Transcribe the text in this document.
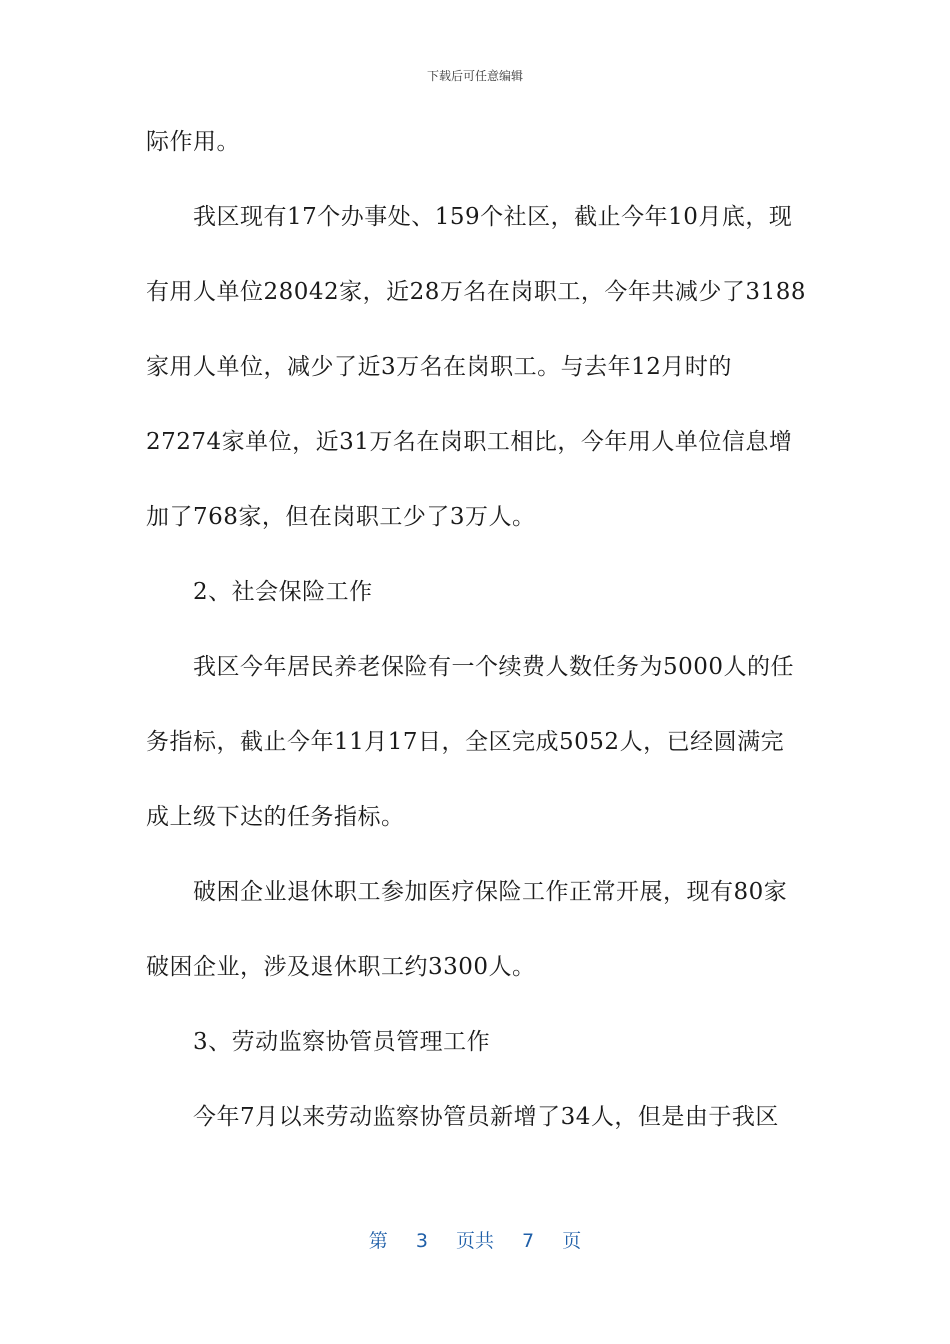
下载后可任意编辑
际作用。
我区现有17个办事处、159个社区，截止今年10月底，现
有用人单位28042家，近28万名在岗职工，今年共减少了3188
家用人单位，减少了近3万名在岗职工。与去年12月时的
27274家单位，近31万名在岗职工相比，今年用人单位信息增
加了768家，但在岗职工少了3万人。
2、社会保险工作
我区今年居民养老保险有一个续费人数任务为5000人的任
务指标，截止今年11月17日，全区完成5052人，已经圆满完
成上级下达的任务指标。
破困企业退休职工参加医疗保险工作正常开展，现有80家
破困企业，涉及退休职工约3300人。
3、劳动监察协管员管理工作
今年7月以来劳动监察协管员新增了34人，但是由于我区
第 3 页共 7 页
